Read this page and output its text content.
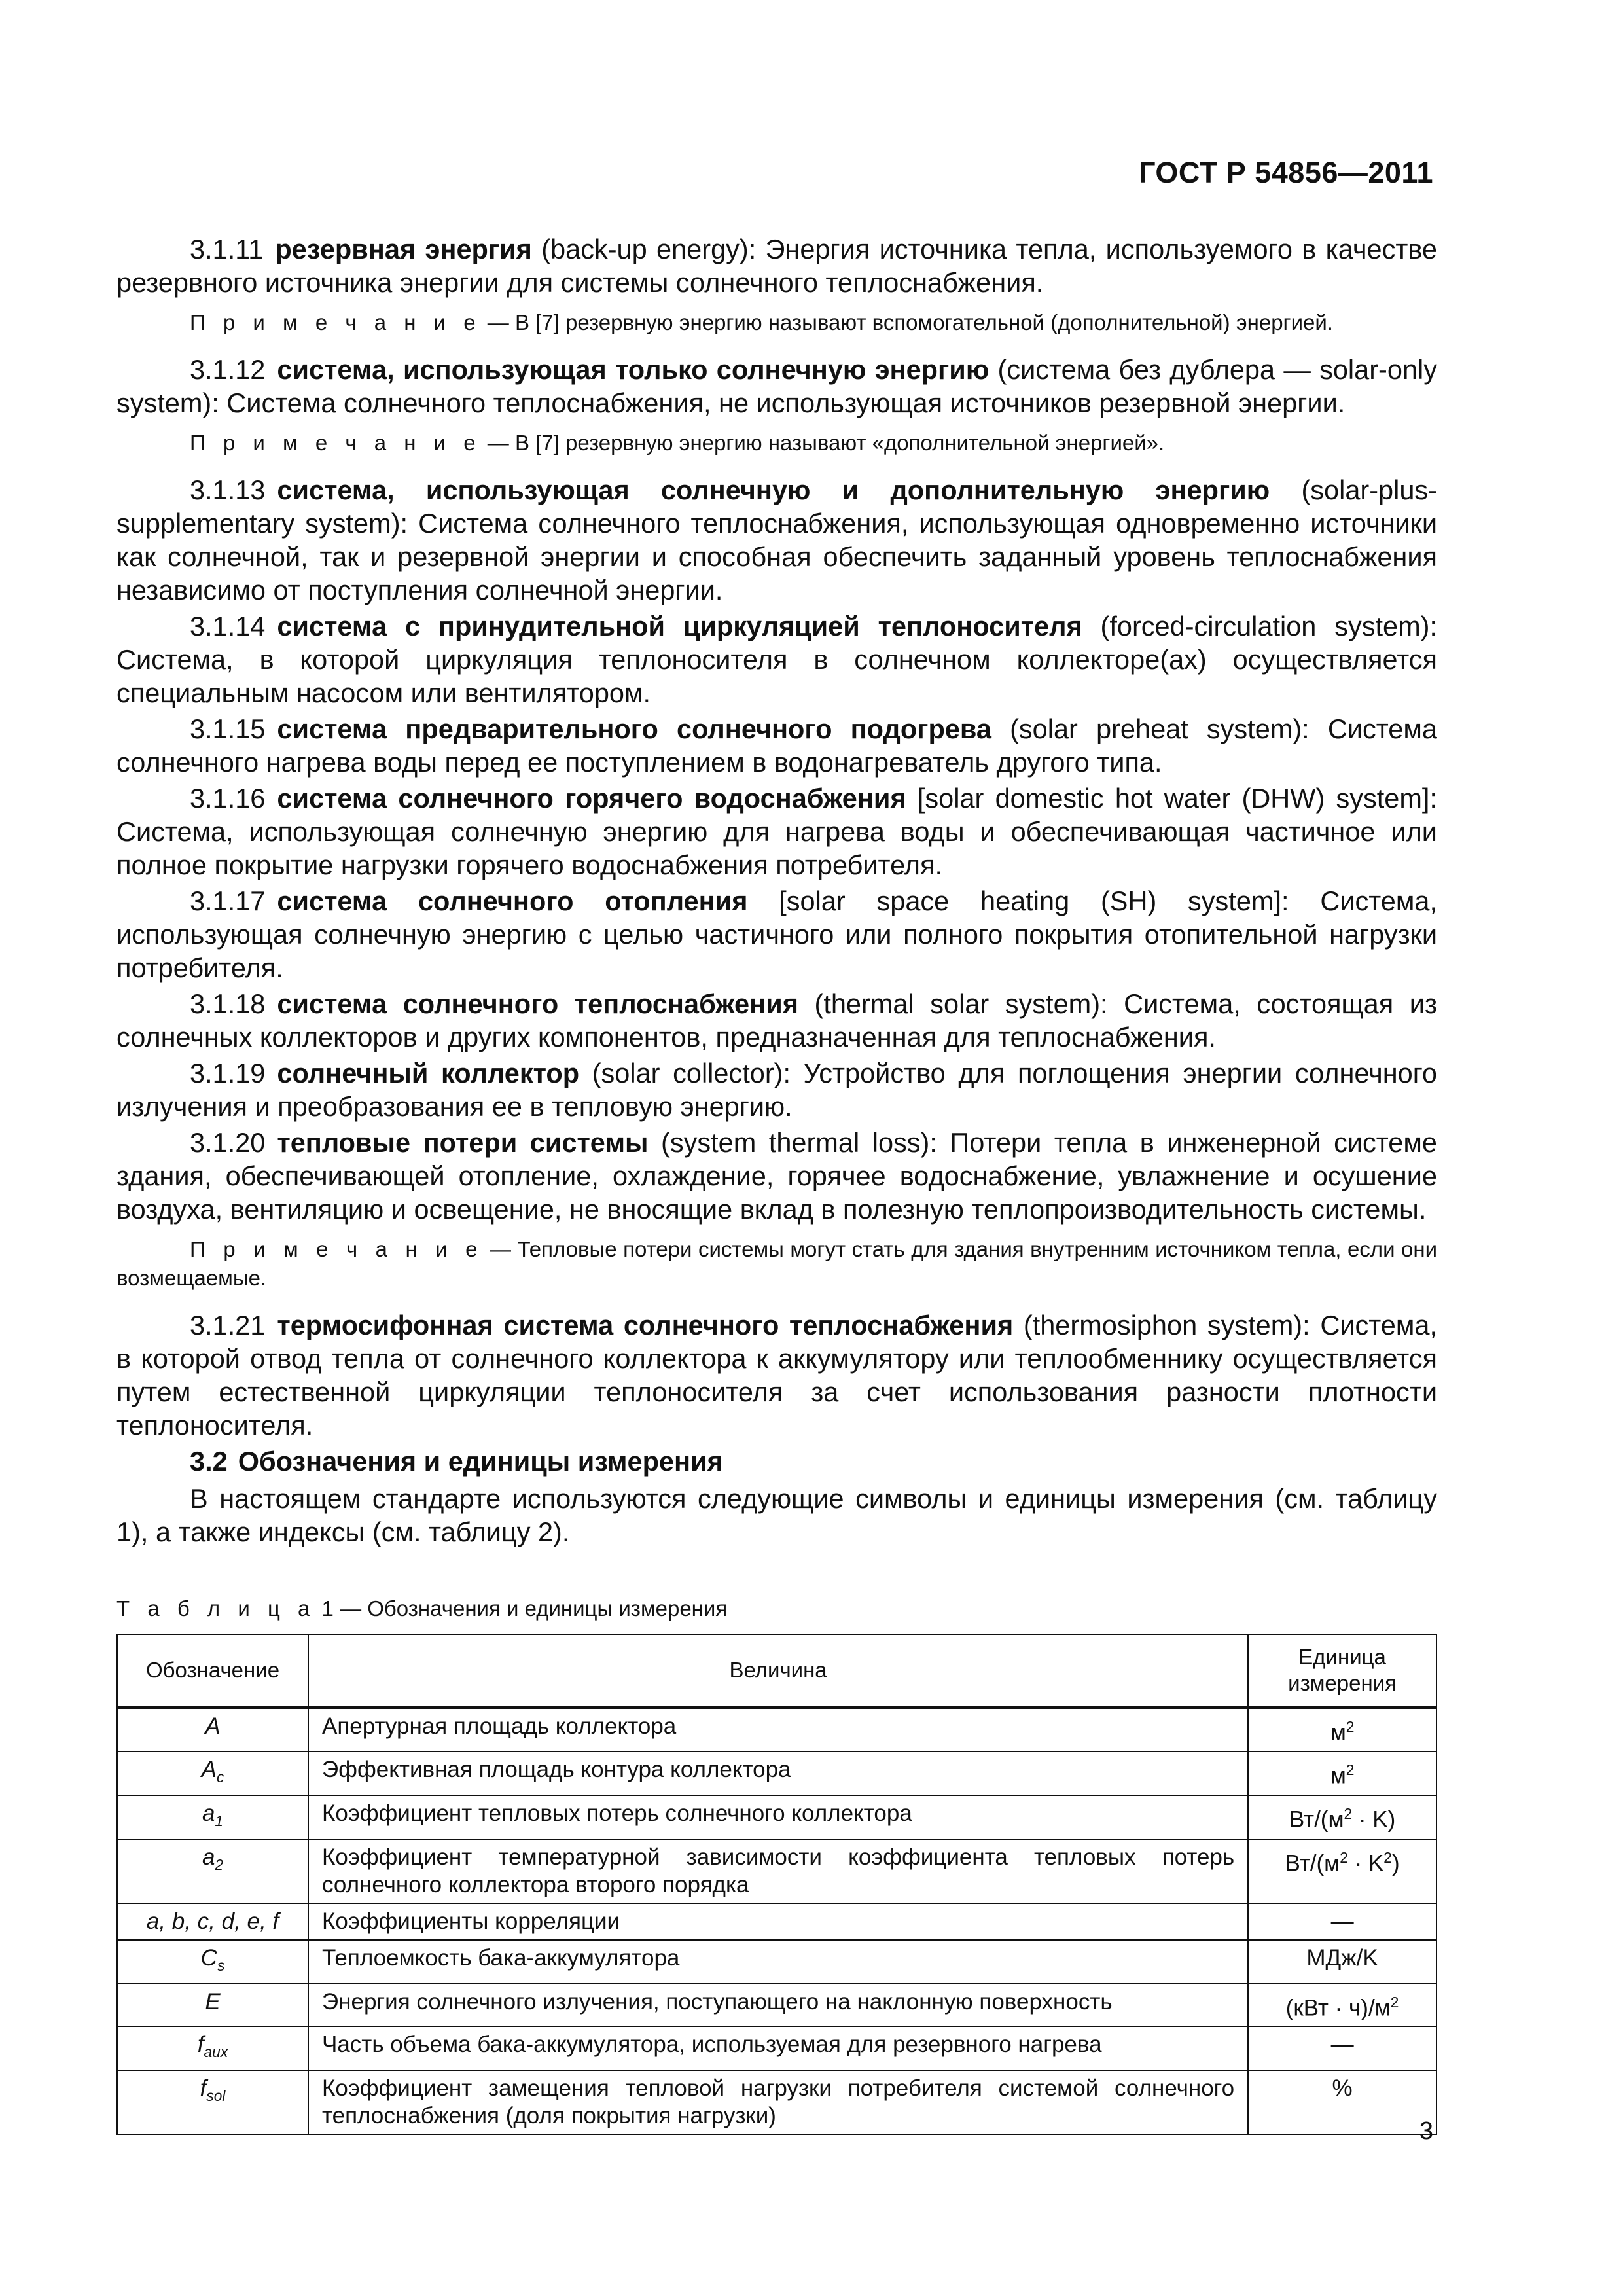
ГОСТ Р 54856—2011

3.1.11 резервная энергия (back-up energy): Энергия источника тепла, используемого в качестве резервного источника энергии для системы солнечного теплоснабжения.

П р и м е ч а н и е — В [7] резервную энергию называют вспомогательной (дополнительной) энергией.

3.1.12 система, использующая только солнечную энергию (система без дублера — solar-only system): Система солнечного теплоснабжения, не использующая источников резервной энергии.

П р и м е ч а н и е — В [7] резервную энергию называют «дополнительной энергией».

3.1.13 система, использующая солнечную и дополнительную энергию (solar-plus-supplementary system): Система солнечного теплоснабжения, использующая одновременно источники как солнечной, так и резервной энергии и способная обеспечить заданный уровень теплоснабжения независимо от поступления солнечной энергии.

3.1.14 система с принудительной циркуляцией теплоносителя (forced-circulation system): Система, в которой циркуляция теплоносителя в солнечном коллекторе(ах) осуществляется специальным насосом или вентилятором.

3.1.15 система предварительного солнечного подогрева (solar preheat system): Система солнечного нагрева воды перед ее поступлением в водонагреватель другого типа.

3.1.16 система солнечного горячего водоснабжения [solar domestic hot water (DHW) system]: Система, использующая солнечную энергию для нагрева воды и обеспечивающая частичное или полное покрытие нагрузки горячего водоснабжения потребителя.

3.1.17 система солнечного отопления [solar space heating (SH) system]: Система, использующая солнечную энергию с целью частичного или полного покрытия отопительной нагрузки потребителя.

3.1.18 система солнечного теплоснабжения (thermal solar system): Система, состоящая из солнечных коллекторов и других компонентов, предназначенная для теплоснабжения.

3.1.19 солнечный коллектор (solar collector): Устройство для поглощения энергии солнечного излучения и преобразования ее в тепловую энергию.

3.1.20 тепловые потери системы (system thermal loss): Потери тепла в инженерной системе здания, обеспечивающей отопление, охлаждение, горячее водоснабжение, увлажнение и осушение воздуха, вентиляцию и освещение, не вносящие вклад в полезную теплопроизводительность системы.

П р и м е ч а н и е — Тепловые потери системы могут стать для здания внутренним источником тепла, если они возмещаемые.

3.1.21 термосифонная система солнечного теплоснабжения (thermosiphon system): Система, в которой отвод тепла от солнечного коллектора к аккумулятору или теплообменнику осуществляется путем естественной циркуляции теплоносителя за счет использования разности плотности теплоносителя.

3.2 Обозначения и единицы измерения

В настоящем стандарте используются следующие символы и единицы измерения (см. таблицу 1), а также индексы (см. таблицу 2).

Т а б л и ц а 1 — Обозначения и единицы измерения
Обозначение	Величина	Единица измерения
A	Апертурная площадь коллектора	$м^2$
$A_c$	Эффективная площадь контура коллектора	$м^2$
$a_1$	Коэффициент тепловых потерь солнечного коллектора	$Вт/(м^2 \cdot K)$
$a_2$	Коэффициент температурной зависимости коэффициента тепловых потерь солнечного коллектора второго порядка	$Вт/(м^2 \cdot K^2)$
a, b, c, d, e, f	Коэффициенты корреляции	—
$C_s$	Теплоемкость бака-аккумулятора	МДж/K
E	Энергия солнечного излучения, поступающего на наклонную поверхность	$(кВт \cdot ч)/м^2$
$f_{aux}$	Часть объема бака-аккумулятора, используемая для резервного нагрева	—
$f_{sol}$	Коэффициент замещения тепловой нагрузки потребителя системой солнечного теплоснабжения (доля покрытия нагрузки)	%
3
